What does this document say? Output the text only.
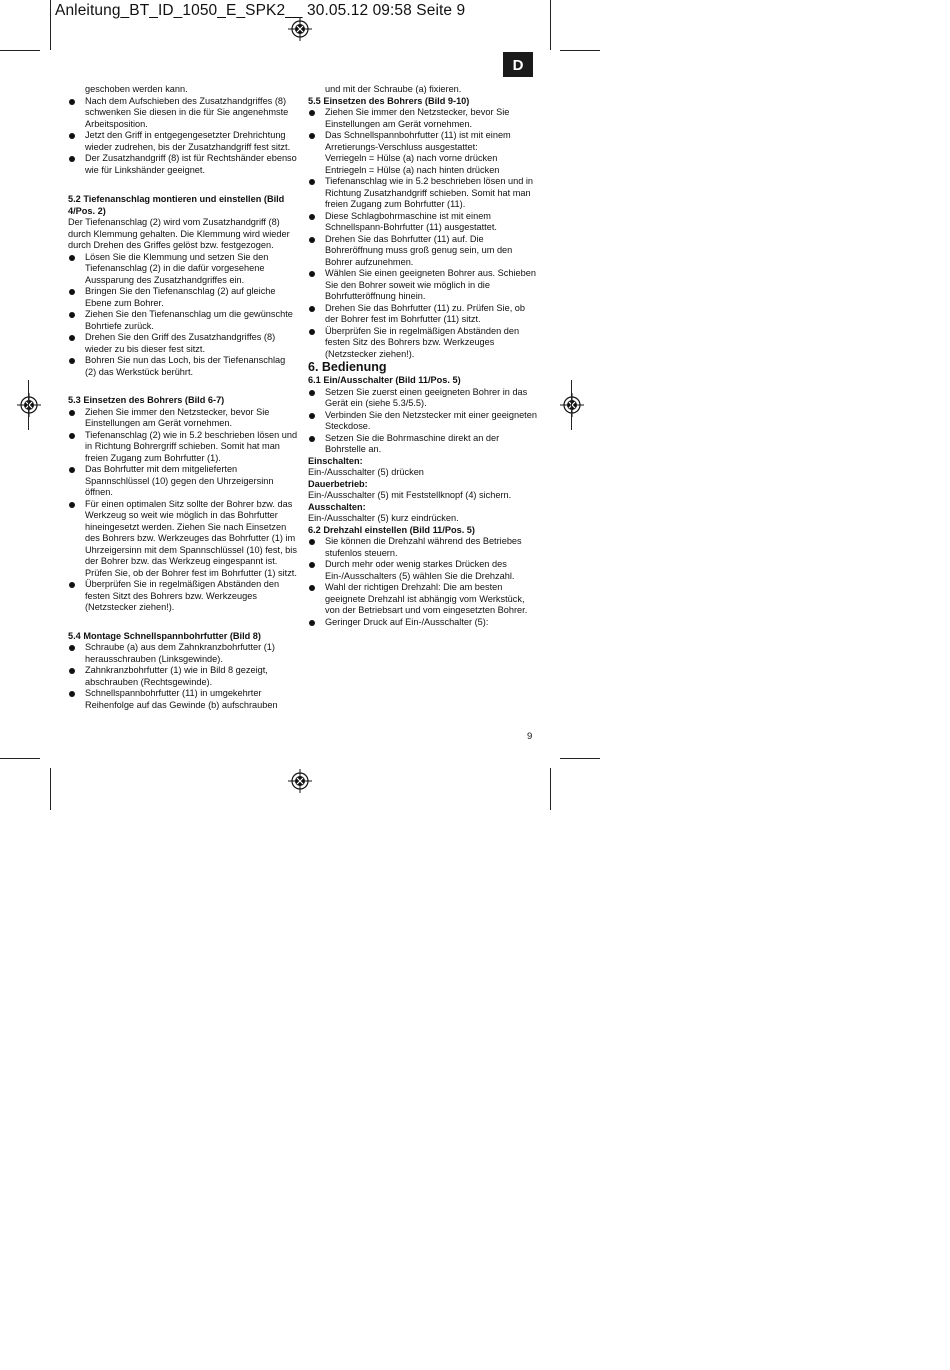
Anleitung_BT_ID_1050_E_SPK2__ 30.05.12 09:58 Seite 9
D

geschoben werden kann.

Nach dem Aufschieben des Zusatzhandgriffes (8) schwenken Sie diesen in die für Sie angenehmste Arbeitsposition.
Jetzt den Griff in entgegengesetzter Drehrichtung wieder zudrehen, bis der Zusatzhandgriff fest sitzt.
Der Zusatzhandgriff (8) ist für Rechtshänder ebenso wie für Linkshänder geeignet.

5.2 Tiefenanschlag montieren und einstellen (Bild 4/Pos. 2)

Der Tiefenanschlag (2) wird vom Zusatzhandgriff (8) durch Klemmung gehalten. Die Klemmung wird wieder durch Drehen des Griffes gelöst bzw. festgezogen.

Lösen Sie die Klemmung und setzen Sie den Tiefenanschlag (2) in die dafür vorgesehene Aussparung des Zusatzhandgriffes ein.
Bringen Sie den Tiefenanschlag (2) auf gleiche Ebene zum Bohrer.
Ziehen Sie den Tiefenanschlag um die gewünschte Bohrtiefe zurück.
Drehen Sie den Griff des Zusatzhandgriffes (8) wieder zu bis dieser fest sitzt.
Bohren Sie nun das Loch, bis der Tiefenanschlag (2) das Werkstück berührt.

5.3 Einsetzen des Bohrers (Bild 6-7)

Ziehen Sie immer den Netzstecker, bevor Sie Einstellungen am Gerät vornehmen.
Tiefenanschlag (2) wie in 5.2 beschrieben lösen und in Richtung Bohrergriff schieben. Somit hat man freien Zugang zum Bohrfutter (1).
Das Bohrfutter mit dem mitgelieferten Spannschlüssel (10) gegen den Uhrzeigersinn öffnen.
Für einen optimalen Sitz sollte der Bohrer bzw. das Werkzeug so weit wie möglich in das Bohrfutter hineingesetzt werden. Ziehen Sie nach Einsetzen des Bohrers bzw. Werkzeuges das Bohrfutter (1) im Uhrzeigersinn mit dem Spannschlüssel (10) fest, bis der Bohrer bzw. das Werkzeug eingespannt ist. Prüfen Sie, ob der Bohrer fest im Bohrfutter (1) sitzt.
Überprüfen Sie in regelmäßigen Abständen den festen Sitzt des Bohrers bzw. Werkzeuges (Netzstecker ziehen!).

5.4 Montage Schnellspannbohrfutter (Bild 8)

Schraube (a) aus dem Zahnkranzbohrfutter (1) herausschrauben (Linksgewinde).
Zahnkranzbohrfutter (1) wie in Bild 8 gezeigt, abschrauben (Rechtsgewinde).
Schnellspannbohrfutter (11) in umgekehrter Reihenfolge auf das Gewinde (b) aufschrauben

und mit der Schraube (a) fixieren.

5.5 Einsetzen des Bohrers (Bild 9-10)

Ziehen Sie immer den Netzstecker, bevor Sie Einstellungen am Gerät vornehmen.
Das Schnellspannbohrfutter (11) ist mit einem Arretierungs-Verschluss ausgestattet:
Verriegeln = Hülse (a) nach vorne drücken
Entriegeln = Hülse (a) nach hinten drücken
Tiefenanschlag wie in 5.2 beschrieben lösen und in Richtung Zusatzhandgriff schieben. Somit hat man freien Zugang zum Bohrfutter (11).
Diese Schlagbohrmaschine ist mit einem Schnellspann-Bohrfutter (11) ausgestattet.
Drehen Sie das Bohrfutter (11) auf. Die Bohreröffnung muss groß genug sein, um den Bohrer aufzunehmen.
Wählen Sie einen geeigneten Bohrer aus. Schieben Sie den Bohrer soweit wie möglich in die Bohrfutteröffnung hinein.
Drehen Sie das Bohrfutter (11) zu. Prüfen Sie, ob der Bohrer fest im Bohrfutter (11) sitzt.
Überprüfen Sie in regelmäßigen Abständen den festen Sitz des Bohrers bzw. Werkzeuges (Netzstecker ziehen!).

6. Bedienung

6.1 Ein/Ausschalter (Bild 11/Pos. 5)

Setzen Sie zuerst einen geeigneten Bohrer in das Gerät ein (siehe 5.3/5.5).
Verbinden Sie den Netzstecker mit einer geeigneten Steckdose.
Setzen Sie die Bohrmaschine direkt an der Bohrstelle an.

Einschalten:

Ein-/Ausschalter (5) drücken

Dauerbetrieb:

Ein-/Ausschalter (5) mit Feststellknopf (4) sichern.

Ausschalten:

Ein-/Ausschalter (5) kurz eindrücken.

6.2 Drehzahl einstellen (Bild 11/Pos. 5)

Sie können die Drehzahl während des Betriebes stufenlos steuern.
Durch mehr oder wenig starkes Drücken des Ein-/Ausschalters (5) wählen Sie die Drehzahl.
Wahl der richtigen Drehzahl: Die am besten geeignete Drehzahl ist abhängig vom Werkstück, von der Betriebsart und vom eingesetzten Bohrer.
Geringer Druck auf Ein-/Ausschalter (5):
9
